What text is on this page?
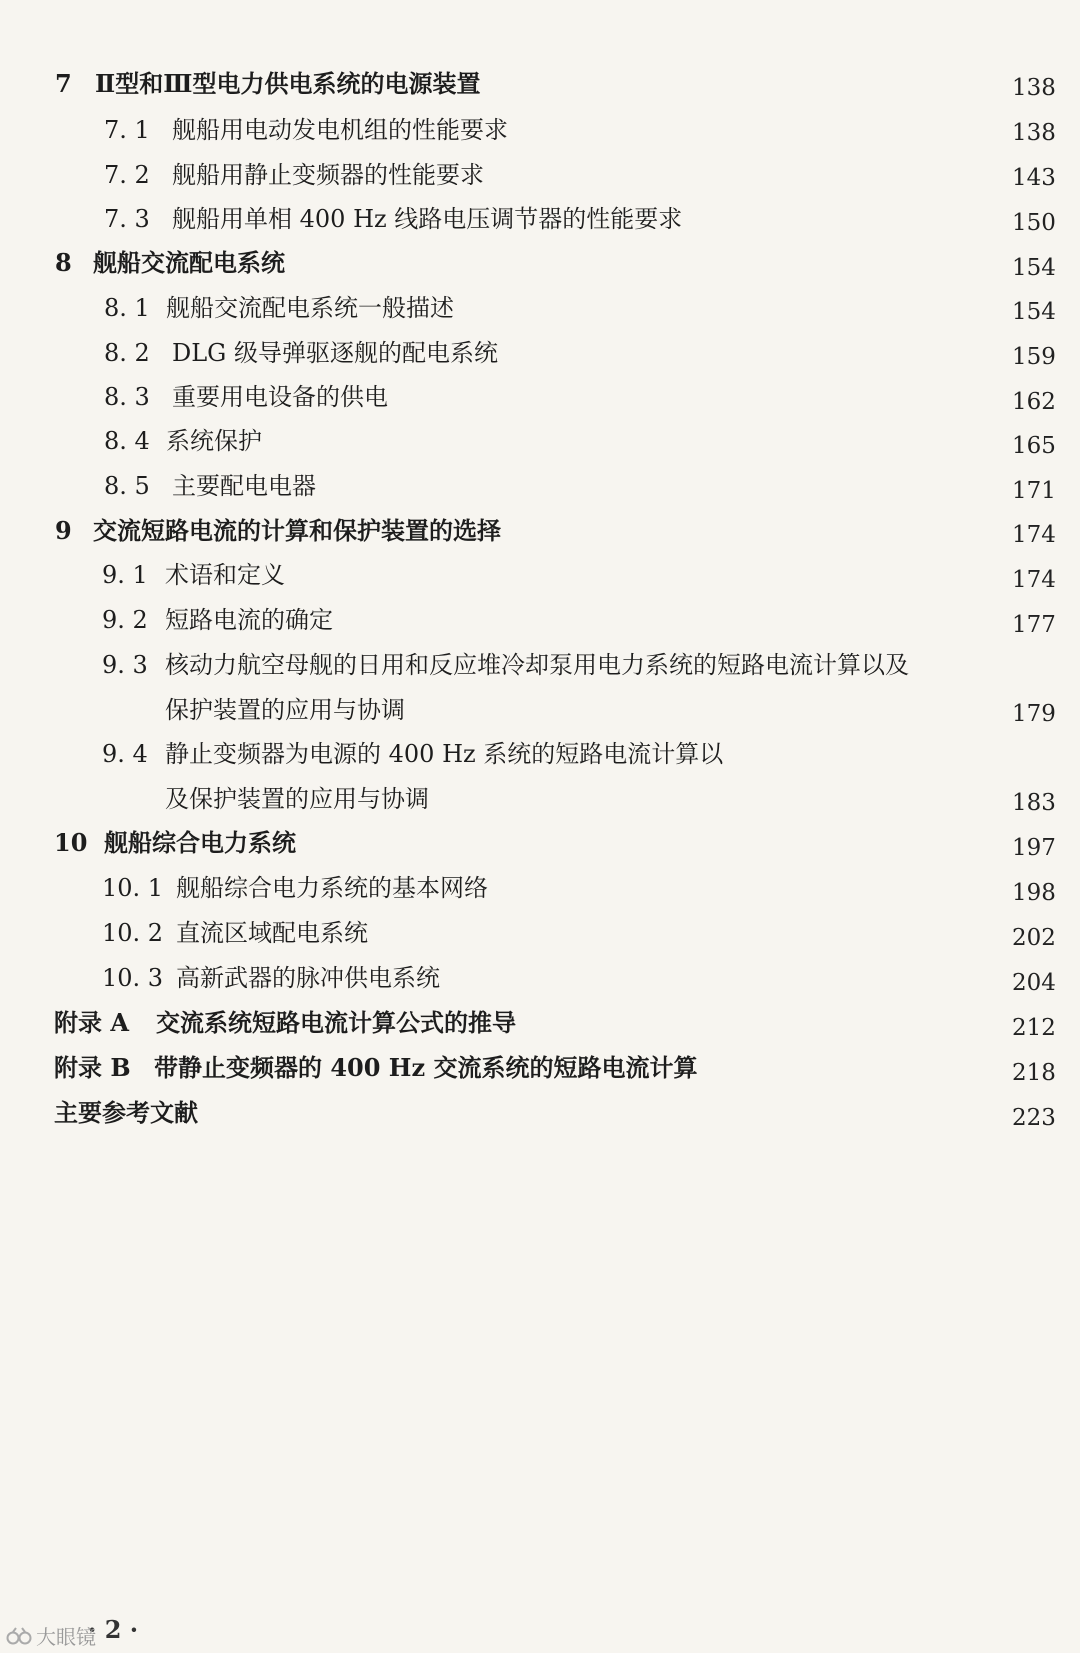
7 Ⅱ型和Ⅲ型电力供电系统的电源装置	138
7. 1 舰船用电动发电机组的性能要求	138
7. 2 舰船用静止变频器的性能要求	143
7. 3 舰船用单相 400 Hz 线路电压调节器的性能要求	150
8 舰船交流配电系统	154
8. 1 舰船交流配电系统一般描述	154
8. 2 DLG 级导弹驱逐舰的配电系统	159
8. 3 重要用电设备的供电	162
8. 4 系统保护	165
8. 5 主要配电电器	171
9 交流短路电流的计算和保护装置的选择	174
9. 1 术语和定义	174
9. 2 短路电流的确定	177
9. 3 核动力航空母舰的日用和反应堆冷却泵用电力系统的短路电流计算以及
保护装置的应用与协调	179
9. 4 静止变频器为电源的 400 Hz 系统的短路电流计算以
及保护装置的应用与协调	183
10 舰船综合电力系统	197
10. 1 舰船综合电力系统的基本网络	198
10. 2 直流区域配电系统	202
10. 3 高新武器的脉冲供电系统	204
附录 A 交流系统短路电流计算公式的推导	212
附录 B 带静止变频器的 400 Hz 交流系统的短路电流计算	218
主要参考文献	223
· 2 ·
大眼镜
